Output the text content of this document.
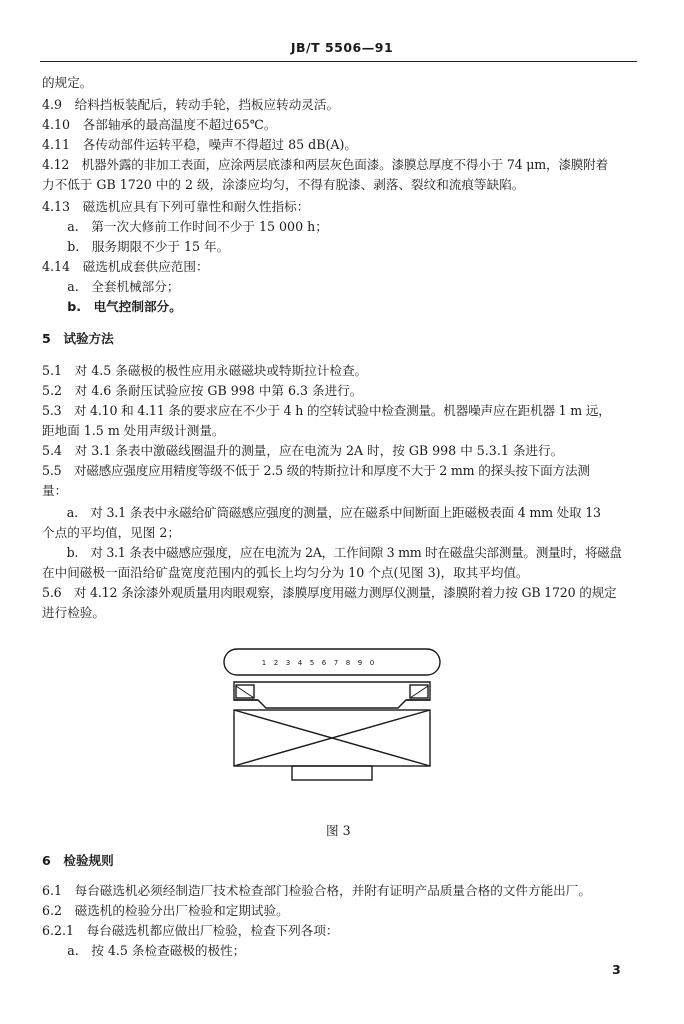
JB/T 5506—91
的规定。
4.9　给料挡板装配后，转动手轮，挡板应转动灵活。
4.10　各部轴承的最高温度不超过65℃。
4.11　各传动部件运转平稳，噪声不得超过 85 dB(A)。
4.12　机器外露的非加工表面，应涂两层底漆和两层灰色面漆。漆膜总厚度不得小于 74 μm，漆膜附着
力不低于 GB 1720 中的 2 级，涂漆应均匀，不得有脱漆、剥落、裂纹和流痕等缺陷。
4.13　磁选机应具有下列可靠性和耐久性指标：
　　a.　第一次大修前工作时间不少于 15 000 h；
　　b.　服务期限不少于 15 年。
4.14　磁选机成套供应范围：
　　a.　全套机械部分；
　　b.　电气控制部分。
5　试验方法
5.1　对 4.5 条磁极的极性应用永磁磁块或特斯拉计检查。
5.2　对 4.6 条耐压试验应按 GB 998 中第 6.3 条进行。
5.3　对 4.10 和 4.11 条的要求应在不少于 4 h 的空转试验中检查测量。机器噪声应在距机器 1 m 远，
距地面 1.5 m 处用声级计测量。
5.4　对 3.1 条表中激磁线圈温升的测量，应在电流为 2A 时，按 GB 998 中 5.3.1 条进行。
5.5　对磁感应强度应用精度等级不低于 2.5 级的特斯拉计和厚度不大于 2 mm 的探头按下面方法测
量：
　　a.　对 3.1 条表中永磁给矿筒磁感应强度的测量，应在磁系中间断面上距磁极表面 4 mm 处取 13
个点的平均值，见图 2；
　　b.　对 3.1 条表中磁感应强度，应在电流为 2A，工作间隙 3 mm 时在磁盘尖部测量。测量时，将磁盘
在中间磁极一面沿给矿盘宽度范围内的弧长上均匀分为 10 个点(见图 3)，取其平均值。
5.6　对 4.12 条涂漆外观质量用肉眼观察，漆膜厚度用磁力测厚仪测量，漆膜附着力按 GB 1720 的规定
进行检验。
1 2 3 4 5 6 7 8 9 0
图 3
6　检验规则
6.1　每台磁选机必须经制造厂技术检查部门检验合格，并附有证明产品质量合格的文件方能出厂。
6.2　磁选机的检验分出厂检验和定期试验。
6.2.1　每台磁选机都应做出厂检验，检查下列各项：
　　a.　按 4.5 条检查磁极的极性；
3
